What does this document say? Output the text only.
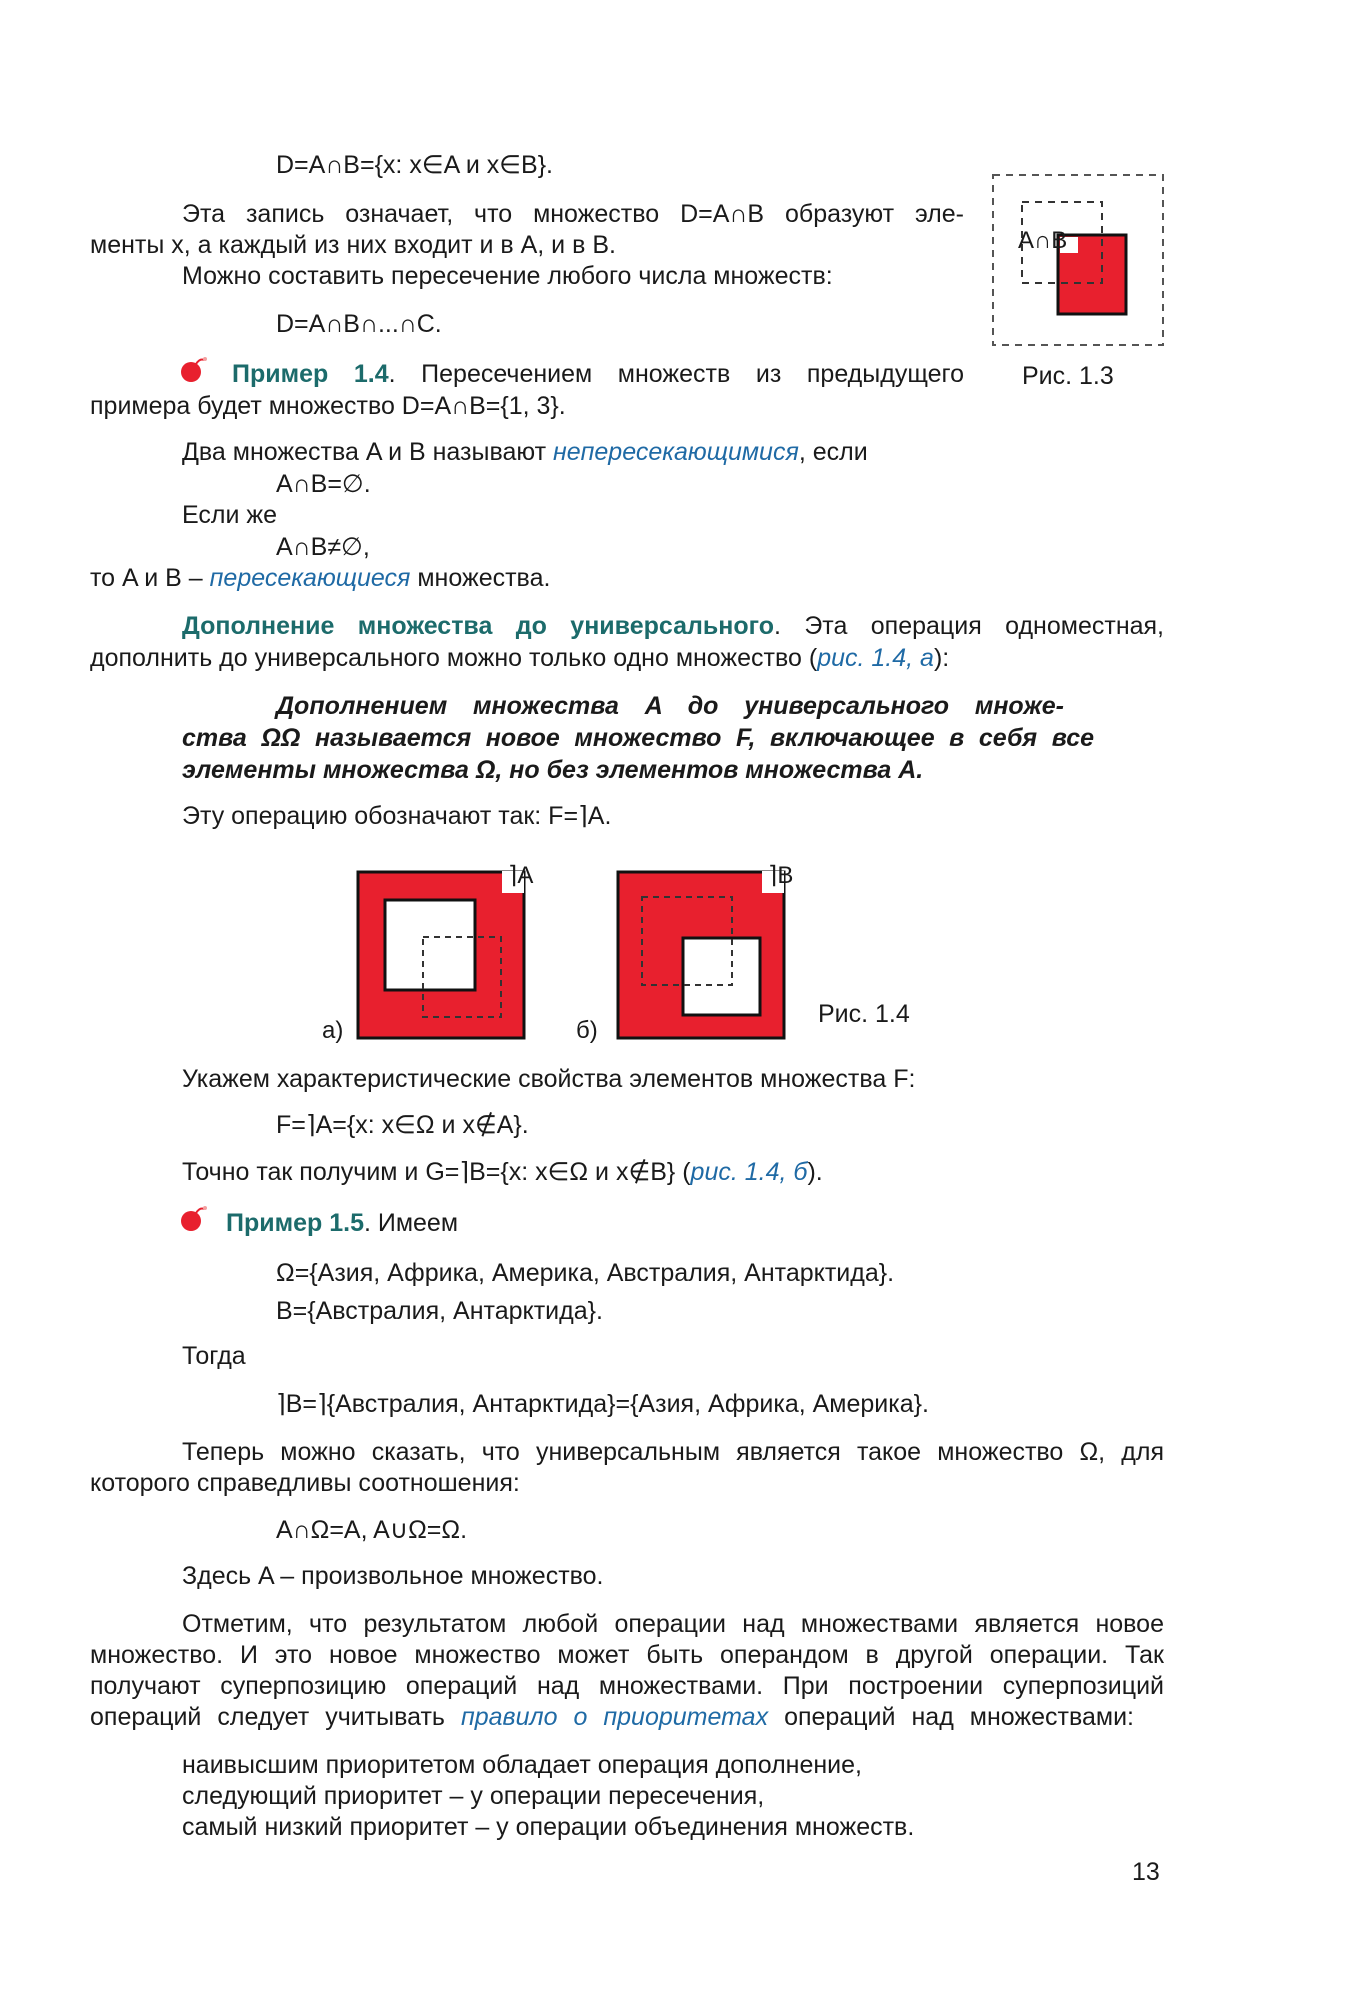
D=A∩B={x: x∈A и x∈B}.
Эта запись означает, что множество D=A∩B образуют эле-
менты x, а каждый из них входит и в A, и в B.
Можно составить пересечение любого числа множеств:
D=A∩B∩...∩C.
A∩B
Рис. 1.3
Пример 1.4. Пересечением множеств из предыдущего
примера будет множество D=A∩B={1, 3}.
Два множества A и B называют непересекающимися, если
A∩B=∅.
Если же
A∩B≠∅,
то A и B – пересекающиеся множества.
Дополнение множества до универсального. Эта операция одноместная,
дополнить до универсального можно только одно множество (рис. 1.4, а):
Дополнением множества A до универсального множе-
ства ΩΩ называется новое множество F, включающее в себя все
элементы множества Ω, но без элементов множества A.
Эту операцию обозначают так: F=⌉A.
⌉A
а)
⌉B
б)
Рис. 1.4
Укажем характеристические свойства элементов множества F:
F=⌉A={x: x∈Ω и x∉A}.
Точно так получим и G=⌉B={x: x∈Ω и x∉B} (рис. 1.4, б).
Пример 1.5. Имеем
Ω={Азия, Африка, Америка, Австралия, Антарктида}.
B={Австралия, Антарктида}.
Тогда
⌉B=⌉{Австралия, Антарктида}={Азия, Африка, Америка}.
Теперь можно сказать, что универсальным является такое множество Ω, для
которого справедливы соотношения:
A∩Ω=A, A∪Ω=Ω.
Здесь A – произвольное множество.
Отметим, что результатом любой операции над множествами является новое
множество. И это новое множество может быть операндом в другой операции. Так
получают суперпозицию операций над множествами. При построении суперпозиций
операций следует учитывать правило о приоритетах операций над множествами:
наивысшим приоритетом обладает операция дополнение,
следующий приоритет – у операции пересечения,
самый низкий приоритет – у операции объединения множеств.
13
